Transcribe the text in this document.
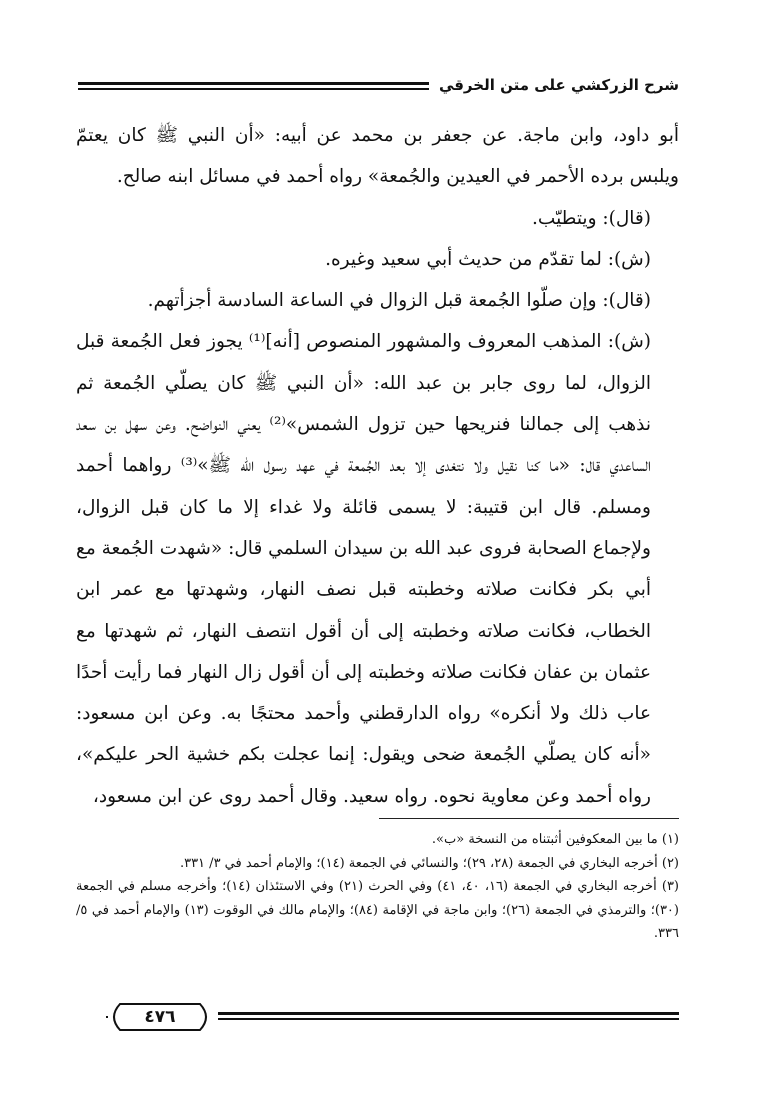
شرح الزركشي على متن الخرقي

أبو داود، وابن ماجة. عن جعفر بن محمد عن أبيه: «أن النبي ﷺ كان يعتمّ ويلبس برده الأحمر في العيدين والجُمعة» رواه أحمد في مسائل ابنه صالح.

(قال): ويتطيّب.

(ش): لما تقدّم من حديث أبي سعيد وغيره.

(قال): وإن صلّوا الجُمعة قبل الزوال في الساعة السادسة أجزأتهم.

(ش): المذهب المعروف والمشهور المنصوص [أنه]⁽¹⁾ يجوز فعل الجُمعة قبل الزوال، لما روى جابر بن عبد الله: «أن النبي ﷺ كان يصلّي الجُمعة ثم نذهب إلى جمالنا فنريحها حين تزول الشمس»⁽²⁾ يعني النواضح. وعن سهل بن سعد الساعدي قال: «ما كنا نقيل ولا نتغدى إلا بعد الجُمعة في عهد رسول الله ﷺ»⁽³⁾ رواهما أحمد ومسلم. قال ابن قتيبة: لا يسمى قائلة ولا غداء إلا ما كان قبل الزوال، ولإجماع الصحابة فروى عبد الله بن سيدان السلمي قال: «شهدت الجُمعة مع أبي بكر فكانت صلاته وخطبته قبل نصف النهار، وشهدتها مع عمر ابن الخطاب، فكانت صلاته وخطبته إلى أن أقول انتصف النهار، ثم شهدتها مع عثمان بن عفان فكانت صلاته وخطبته إلى أن أقول زال النهار فما رأيت أحدًا عاب ذلك ولا أنكره» رواه الدارقطني وأحمد محتجًا به. وعن ابن مسعود: «أنه كان يصلّي الجُمعة ضحى ويقول: إنما عجلت بكم خشية الحر عليكم»، رواه أحمد وعن معاوية نحوه. رواه سعيد. وقال أحمد روى عن ابن مسعود،

(١) ما بين المعكوفين أثبتناه من النسخة «ب».

(٢) أخرجه البخاري في الجمعة (٢٨، ٢٩)؛ والنسائي في الجمعة (١٤)؛ والإمام أحمد في ٣/ ٣٣١.

(٣) أخرجه البخاري في الجمعة (١٦، ٤٠، ٤١) وفي الحرث (٢١) وفي الاستئذان (١٤)؛ وأخرجه مسلم في الجمعة (٣٠)؛ والترمذي في الجمعة (٢٦)؛ وابن ماجة في الإقامة (٨٤)؛ والإمام مالك في الوقوت (١٣) والإمام أحمد في ٥/ ٣٣٦.

٤٧٦
